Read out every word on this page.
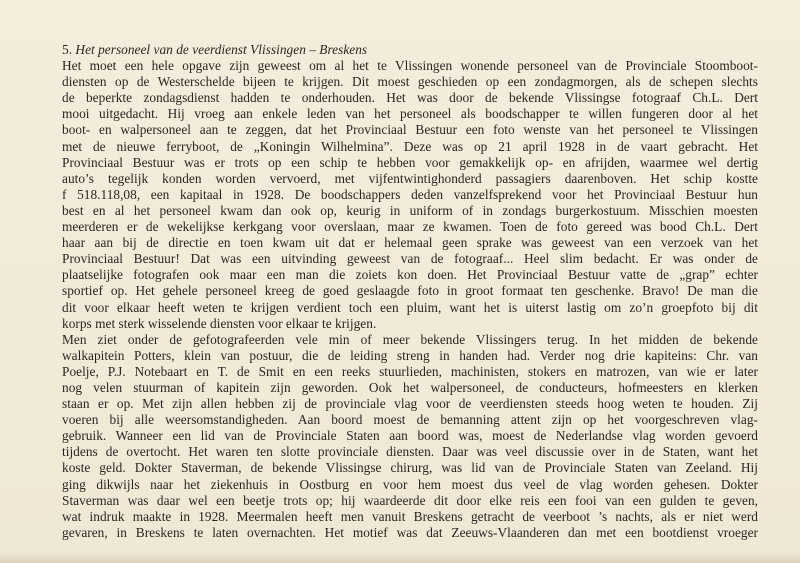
5. Het personeel van de veerdienst Vlissingen – Breskens
Het moet een hele opgave zijn geweest om al het te Vlissingen wonende personeel van de Provinciale Stoomboot-
diensten op de Westerschelde bijeen te krijgen. Dit moest geschieden op een zondagmorgen, als de schepen slechts
de beperkte zondagsdienst hadden te onderhouden. Het was door de bekende Vlissingse fotograaf Ch.L. Dert
mooi uitgedacht. Hij vroeg aan enkele leden van het personeel als boodschapper te willen fungeren door al het
boot- en walpersoneel aan te zeggen, dat het Provinciaal Bestuur een foto wenste van het personeel te Vlissingen
met de nieuwe ferryboot, de „Koningin Wilhelmina”. Deze was op 21 april 1928 in de vaart gebracht. Het
Provinciaal Bestuur was er trots op een schip te hebben voor gemakkelijk op- en afrijden, waarmee wel dertig
auto’s tegelijk konden worden vervoerd, met vijfentwintighonderd passagiers daarenboven. Het schip kostte
f 518.118,08, een kapitaal in 1928. De boodschappers deden vanzelfsprekend voor het Provinciaal Bestuur hun
best en al het personeel kwam dan ook op, keurig in uniform of in zondags burgerkostuum. Misschien moesten
meerderen er de wekelijkse kerkgang voor overslaan, maar ze kwamen. Toen de foto gereed was bood Ch.L. Dert
haar aan bij de directie en toen kwam uit dat er helemaal geen sprake was geweest van een verzoek van het
Provinciaal Bestuur! Dat was een uitvinding geweest van de fotograaf... Heel slim bedacht. Er was onder de
plaatselijke fotografen ook maar een man die zoiets kon doen. Het Provinciaal Bestuur vatte de „grap” echter
sportief op. Het gehele personeel kreeg de goed geslaagde foto in groot formaat ten geschenke. Bravo! De man die
dit voor elkaar heeft weten te krijgen verdient toch een pluim, want het is uiterst lastig om zo’n groepfoto bij dit
korps met sterk wisselende diensten voor elkaar te krijgen.
Men ziet onder de gefotografeerden vele min of meer bekende Vlissingers terug. In het midden de bekende
walkapitein Potters, klein van postuur, die de leiding streng in handen had. Verder nog drie kapiteins: Chr. van
Poelje, P.J. Notebaart en T. de Smit en een reeks stuurlieden, machinisten, stokers en matrozen, van wie er later
nog velen stuurman of kapitein zijn geworden. Ook het walpersoneel, de conducteurs, hofmeesters en klerken
staan er op. Met zijn allen hebben zij de provinciale vlag voor de veerdiensten steeds hoog weten te houden. Zij
voeren bij alle weersomstandigheden. Aan boord moest de bemanning attent zijn op het voorgeschreven vlag-
gebruik. Wanneer een lid van de Provinciale Staten aan boord was, moest de Nederlandse vlag worden gevoerd
tijdens de overtocht. Het waren ten slotte provinciale diensten. Daar was veel discussie over in de Staten, want het
koste geld. Dokter Staverman, de bekende Vlissingse chirurg, was lid van de Provinciale Staten van Zeeland. Hij
ging dikwijls naar het ziekenhuis in Oostburg en voor hem moest dus veel de vlag worden gehesen. Dokter
Staverman was daar wel een beetje trots op; hij waardeerde dit door elke reis een fooi van een gulden te geven,
wat indruk maakte in 1928. Meermalen heeft men vanuit Breskens getracht de veerboot ’s nachts, als er niet werd
gevaren, in Breskens te laten overnachten. Het motief was dat Zeeuws-Vlaanderen dan met een bootdienst vroeger
